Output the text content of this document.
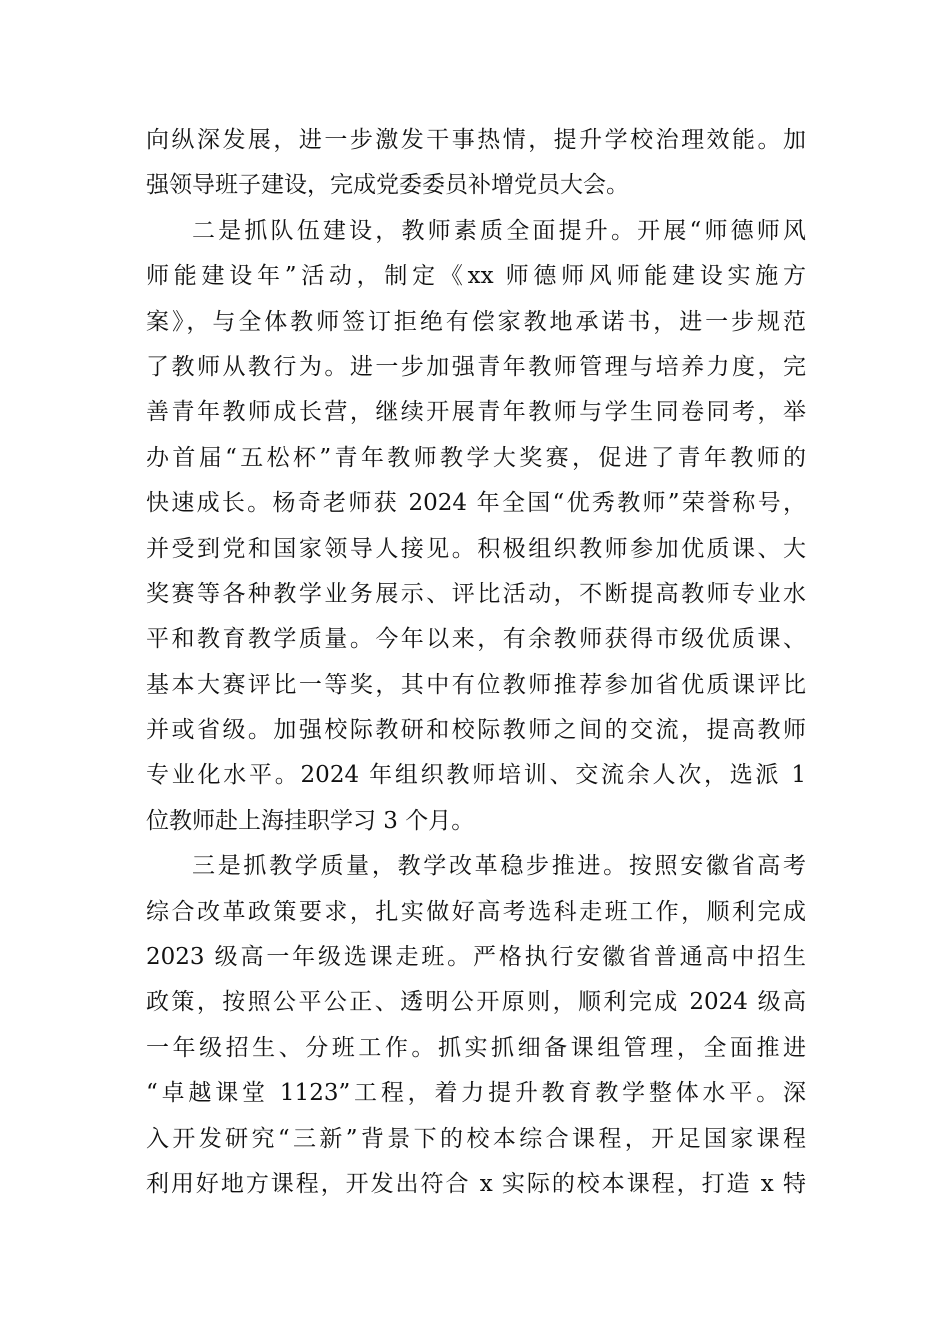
向纵深发展，进一步激发干事热情，提升学校治理效能。加
强领导班子建设，完成党委委员补增党员大会。
二是抓队伍建设，教师素质全面提升。开展“师德师风
师能建设年”活动，制定《xx 师德师风师能建设实施方
案》，与全体教师签订拒绝有偿家教地承诺书，进一步规范
了教师从教行为。进一步加强青年教师管理与培养力度，完
善青年教师成长营，继续开展青年教师与学生同卷同考，举
办首届“五松杯”青年教师教学大奖赛，促进了青年教师的
快速成长。杨奇老师获 2024 年全国“优秀教师”荣誉称号，
并受到党和国家领导人接见。积极组织教师参加优质课、大
奖赛等各种教学业务展示、评比活动，不断提高教师专业水
平和教育教学质量。今年以来，有余教师获得市级优质课、
基本大赛评比一等奖，其中有位教师推荐参加省优质课评比
并或省级。加强校际教研和校际教师之间的交流，提高教师
专业化水平。2024 年组织教师培训、交流余人次，选派 1
位教师赴上海挂职学习 3 个月。
三是抓教学质量，教学改革稳步推进。按照安徽省高考
综合改革政策要求，扎实做好高考选科走班工作，顺利完成
2023 级高一年级选课走班。严格执行安徽省普通高中招生
政策，按照公平公正、透明公开原则，顺利完成 2024 级高
一年级招生、分班工作。抓实抓细备课组管理，全面推进
“卓越课堂 1123”工程，着力提升教育教学整体水平。深
入开发研究“三新”背景下的校本综合课程，开足国家课程
利用好地方课程，开发出符合 x 实际的校本课程，打造 x 特
